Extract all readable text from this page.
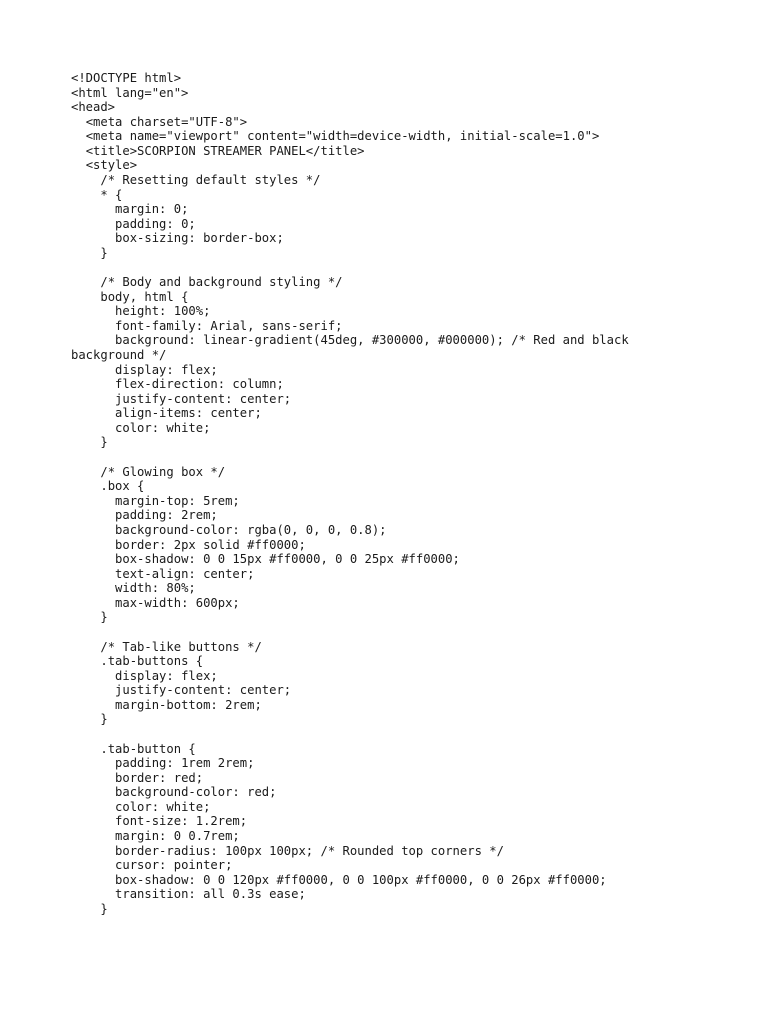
<!DOCTYPE html>
<html lang="en">
<head>
<meta charset="UTF-8">
<meta name="viewport" content="width=device-width, initial-scale=1.0">
<title>SCORPION STREAMER PANEL</title>
<style>
/* Resetting default styles */
* {
margin: 0;
padding: 0;
box-sizing: border-box;
}
/* Body and background styling */
body, html {
height: 100%;
font-family: Arial, sans-serif;
background: linear-gradient(45deg, #300000, #000000); /* Red and black
background */
display: flex;
flex-direction: column;
justify-content: center;
align-items: center;
color: white;
}
/* Glowing box */
.box {
margin-top: 5rem;
padding: 2rem;
background-color: rgba(0, 0, 0, 0.8);
border: 2px solid #ff0000;
box-shadow: 0 0 15px #ff0000, 0 0 25px #ff0000;
text-align: center;
width: 80%;
max-width: 600px;
}
/* Tab-like buttons */
.tab-buttons {
display: flex;
justify-content: center;
margin-bottom: 2rem;
}
.tab-button {
padding: 1rem 2rem;
border: red;
background-color: red;
color: white;
font-size: 1.2rem;
margin: 0 0.7rem;
border-radius: 100px 100px; /* Rounded top corners */
cursor: pointer;
box-shadow: 0 0 120px #ff0000, 0 0 100px #ff0000, 0 0 26px #ff0000;
transition: all 0.3s ease;
}
